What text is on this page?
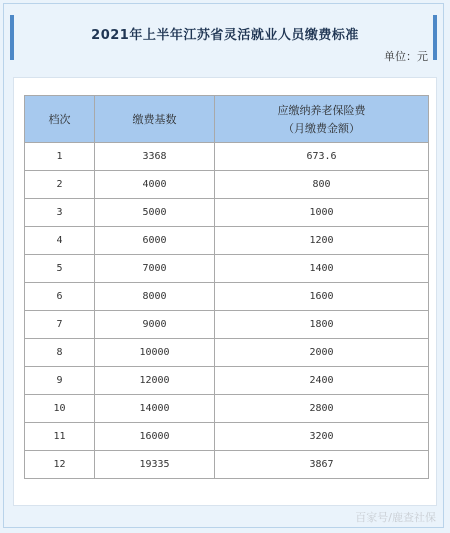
2021年上半年江苏省灵活就业人员缴费标准
单位：元
档次	缴费基数	应缴纳养老保险费
（月缴费金额）

1	3368	673.6
2	4000	800
3	5000	1000
4	6000	1200
5	7000	1400
6	8000	1600
7	9000	1800
8	10000	2000
9	12000	2400
10	14000	2800
11	16000	3200
12	19335	3867
百家号/鹿查社保
